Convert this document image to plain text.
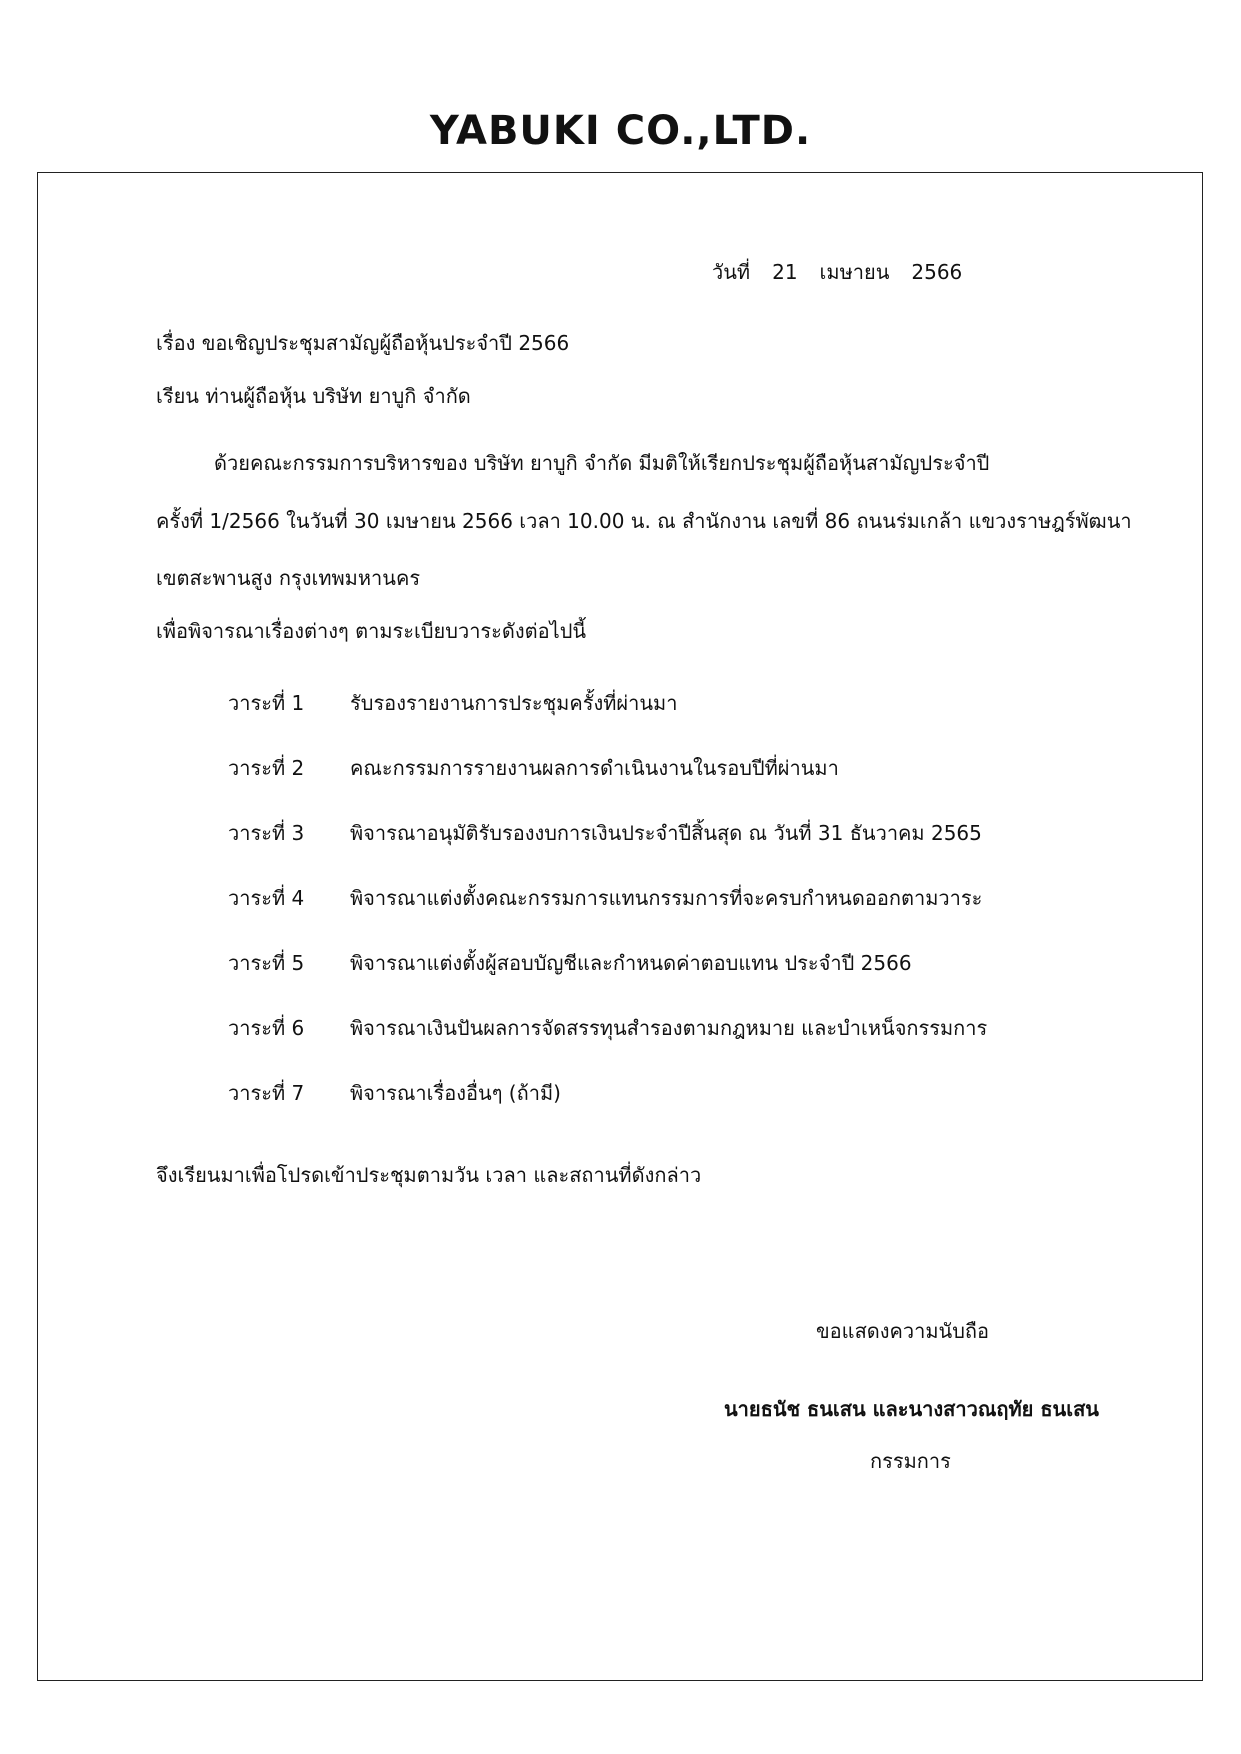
YABUKI CO.,LTD.
วันที่ 21 เมษายน 2566
เรื่อง ขอเชิญประชุมสามัญผู้ถือหุ้นประจำปี 2566
เรียน ท่านผู้ถือหุ้น บริษัท ยาบูกิ จำกัด
ด้วยคณะกรรมการบริหารของ บริษัท ยาบูกิ จำกัด มีมติให้เรียกประชุมผู้ถือหุ้นสามัญประจำปี
ครั้งที่ 1/2566 ในวันที่ 30 เมษายน 2566 เวลา 10.00 น. ณ สำนักงาน เลขที่ 86 ถนนร่มเกล้า แขวงราษฎร์พัฒนา
เขตสะพานสูง กรุงเทพมหานคร
เพื่อพิจารณาเรื่องต่างๆ ตามระเบียบวาระดังต่อไปนี้
วาระที่ 1 รับรองรายงานการประชุมครั้งที่ผ่านมา
วาระที่ 2 คณะกรรมการรายงานผลการดำเนินงานในรอบปีที่ผ่านมา
วาระที่ 3 พิจารณาอนุมัติรับรองงบการเงินประจำปีสิ้นสุด ณ วันที่ 31 ธันวาคม 2565
วาระที่ 4 พิจารณาแต่งตั้งคณะกรรมการแทนกรรมการที่จะครบกำหนดออกตามวาระ
วาระที่ 5 พิจารณาแต่งตั้งผู้สอบบัญชีและกำหนดค่าตอบแทน ประจำปี 2566
วาระที่ 6 พิจารณาเงินปันผลการจัดสรรทุนสำรองตามกฎหมาย และบำเหน็จกรรมการ
วาระที่ 7 พิจารณาเรื่องอื่นๆ (ถ้ามี)
จึงเรียนมาเพื่อโปรดเข้าประชุมตามวัน เวลา และสถานที่ดังกล่าว
ขอแสดงความนับถือ
นายธนัช ธนเสน และนางสาวณฤทัย ธนเสน
กรรมการ
